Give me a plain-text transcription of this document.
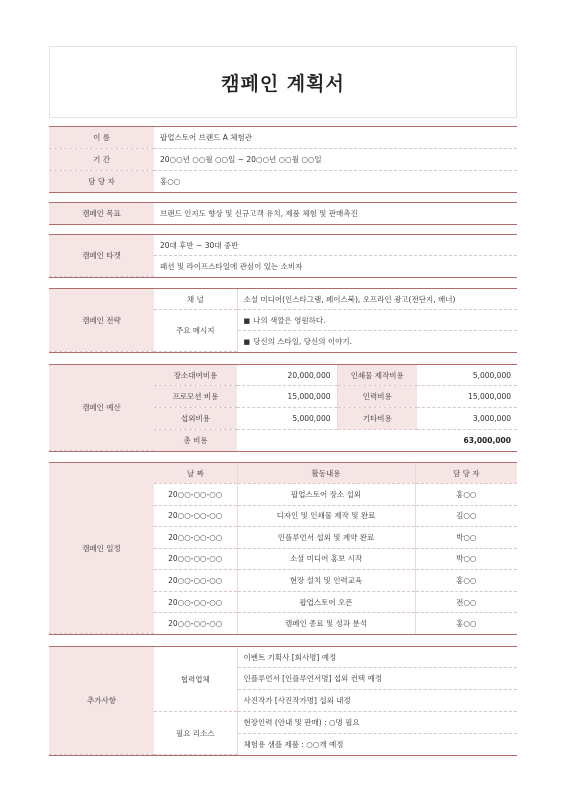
캠페인 계획서
이 름	팝업스토어 브랜드 A 체험관
기 간	20○○년 ○○월 ○○일 ~ 20○○년 ○○월 ○○일
담 당 자	홍○○
캠페인 목표	브랜드 인지도 향상 및 신규고객 유치, 제품 체험 및 판매촉진
캠페인 타겟	20대 후반 ~ 30대 중반
패션 및 라이프스타일에 관심이 있는 소비자
캠페인 전략	채 널	소셜 미디어(인스타그램, 페이스북), 오프라인 광고(전단지, 배너)
	주요 메시지	■ 나의 색깔은 영원하다.
		■ 당신의 스타일, 당신의 이야기.
캠페인 예산	장소대여비용	20,000,000	인쇄물 제작비용	5,000,000
	프로모션 비용	15,000,000	인력비용	15,000,000
	섭외비용	5,000,000	기타비용	3,000,000
	총 비용	63,000,000		
캠페인 일정	날 짜	활동내용	담 당 자
	20○○-○○-○○	팝업스토어 장소 섭외	홍○○
	20○○-○○-○○	디자인 및 인쇄물 제작 및 완료	김○○
	20○○-○○-○○	인플루언서 섭외 및 계약 완료	박○○
	20○○-○○-○○	소셜 미디어 홍보 시작	박○○
	20○○-○○-○○	현장 설치 및 인력교육	홍○○
	20○○-○○-○○	팝업스토어 오픈	전○○
	20○○-○○-○○	캠페인 종료 및 성과 분석	홍○○
추가사항	협력업체	이벤트 기획사 [회사명] 예정
		인플루언서 [인플루언서명] 섭외 컨텍 예정
		사진작가 [사진작가명] 섭외 내정
	필요 리소스	현장인력 (안내 및 판매) : ○명 필요
		체험용 샘플 제품 : ○○개 예정
